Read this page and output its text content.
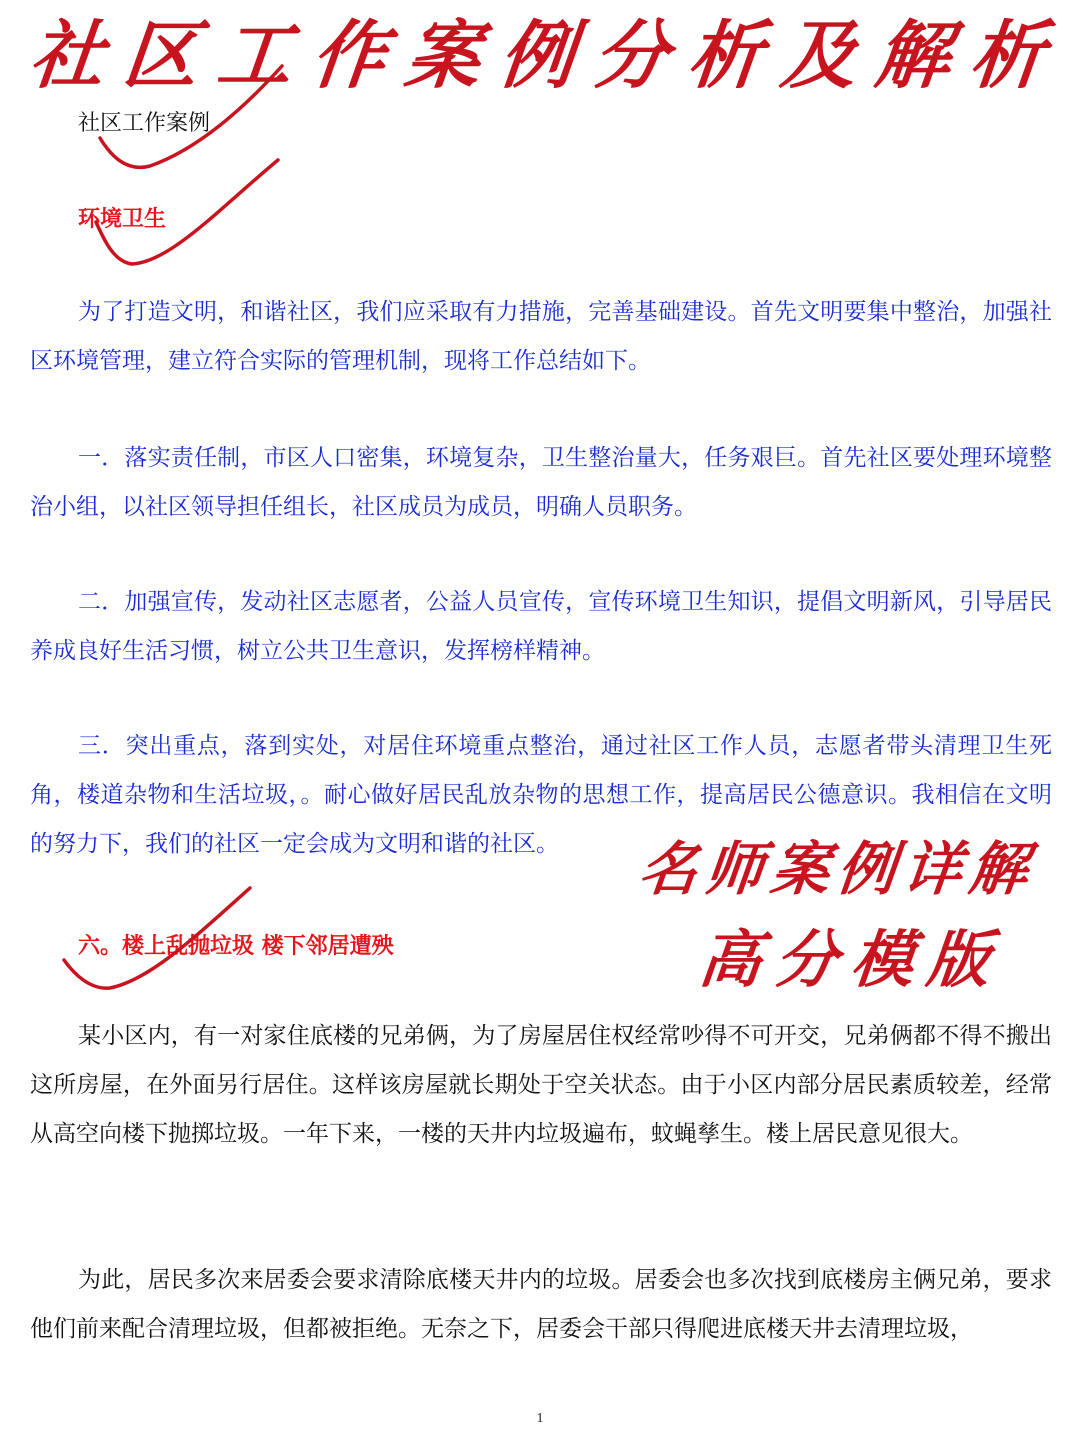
社区工作案例分析及解析
社区工作案例
环境卫生

为了打造文明，和谐社区，我们应采取有力措施，完善基础建设。首先文明要集中整治，加强社区环境管理，建立符合实际的管理机制，现将工作总结如下。

一．落实责任制，市区人口密集，环境复杂，卫生整治量大，任务艰巨。首先社区要处理环境整治小组，以社区领导担任组长，社区成员为成员，明确人员职务。

二．加强宣传，发动社区志愿者，公益人员宣传，宣传环境卫生知识，提倡文明新风，引导居民养成良好生活习惯，树立公共卫生意识，发挥榜样精神。

三．突出重点，落到实处，对居住环境重点整治，通过社区工作人员，志愿者带头清理卫生死角，楼道杂物和生活垃圾，。耐心做好居民乱放杂物的思想工作，提高居民公德意识。我相信在文明的努力下，我们的社区一定会成为文明和谐的社区。	名师案例详解
高分模版
六。楼上乱抛垃圾 楼下邻居遭殃

某小区内，有一对家住底楼的兄弟俩，为了房屋居住权经常吵得不可开交，兄弟俩都不得不搬出这所房屋，在外面另行居住。这样该房屋就长期处于空关状态。由于小区内部分居民素质较差，经常从高空向楼下抛掷垃圾。一年下来，一楼的天井内垃圾遍布，蚊蝇孳生。楼上居民意见很大。

为此，居民多次来居委会要求清除底楼天井内的垃圾。居委会也多次找到底楼房主俩兄弟，要求他们前来配合清理垃圾，但都被拒绝。无奈之下，居委会干部只得爬进底楼天井去清理垃圾，

1
